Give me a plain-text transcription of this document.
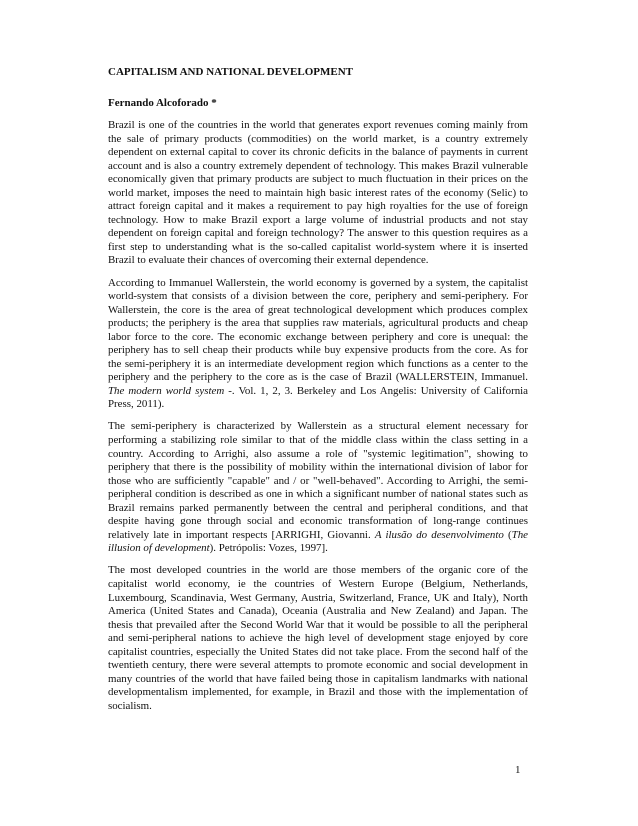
CAPITALISM AND NATIONAL DEVELOPMENT
Fernando Alcoforado *

Brazil is one of the countries in the world that generates export revenues coming mainly from the sale of primary products (commodities) on the world market, is a country extremely dependent on external capital to cover its chronic deficits in the balance of payments in current account and is also a country extremely dependent of technology. This makes Brazil vulnerable economically given that primary products are subject to much fluctuation in their prices on the world market, imposes the need to maintain high basic interest rates of the economy (Selic) to attract foreign capital and it makes a requirement to pay high royalties for the use of foreign technology. How to make Brazil export a large volume of industrial products and not stay dependent on foreign capital and foreign technology? The answer to this question requires as a first step to understanding what is the so-called capitalist world-system where it is inserted Brazil to evaluate their chances of overcoming their external dependence.

According to Immanuel Wallerstein, the world economy is governed by a system, the capitalist world-system that consists of a division between the core, periphery and semi-periphery. For Wallerstein, the core is the area of great technological development which produces complex products; the periphery is the area that supplies raw materials, agricultural products and cheap labor force to the core. The economic exchange between periphery and core is unequal: the periphery has to sell cheap their products while buy expensive products from the core. As for the semi-periphery it is an intermediate development region which functions as a center to the periphery and the periphery to the core as is the case of Brazil (WALLERSTEIN, Immanuel. The modern world system -. Vol. 1, 2, 3. Berkeley and Los Angelis: University of California Press, 2011).

The semi-periphery is characterized by Wallerstein as a structural element necessary for performing a stabilizing role similar to that of the middle class within the class setting in a country. According to Arrighi, also assume a role of "systemic legitimation", showing to periphery that there is the possibility of mobility within the international division of labor for those who are sufficiently "capable" and / or "well-behaved". According to Arrighi, the semi-peripheral condition is described as one in which a significant number of national states such as Brazil remains parked permanently between the central and peripheral conditions, and that despite having gone through social and economic transformation of long-range continues relatively late in important respects [ARRIGHI, Giovanni. A ilusão do desenvolvimento (The illusion of development). Petrópolis: Vozes, 1997].

The most developed countries in the world are those members of the organic core of the capitalist world economy, ie the countries of Western Europe (Belgium, Netherlands, Luxembourg, Scandinavia, West Germany, Austria, Switzerland, France, UK and Italy), North America (United States and Canada), Oceania (Australia and New Zealand) and Japan. The thesis that prevailed after the Second World War that it would be possible to all the peripheral and semi-peripheral nations to achieve the high level of development stage enjoyed by core capitalist countries, especially the United States did not take place. From the second half of the twentieth century, there were several attempts to promote economic and social development in many countries of the world that have failed being those in capitalism landmarks with national developmentalism implemented, for example, in Brazil and those with the implementation of socialism.

1
